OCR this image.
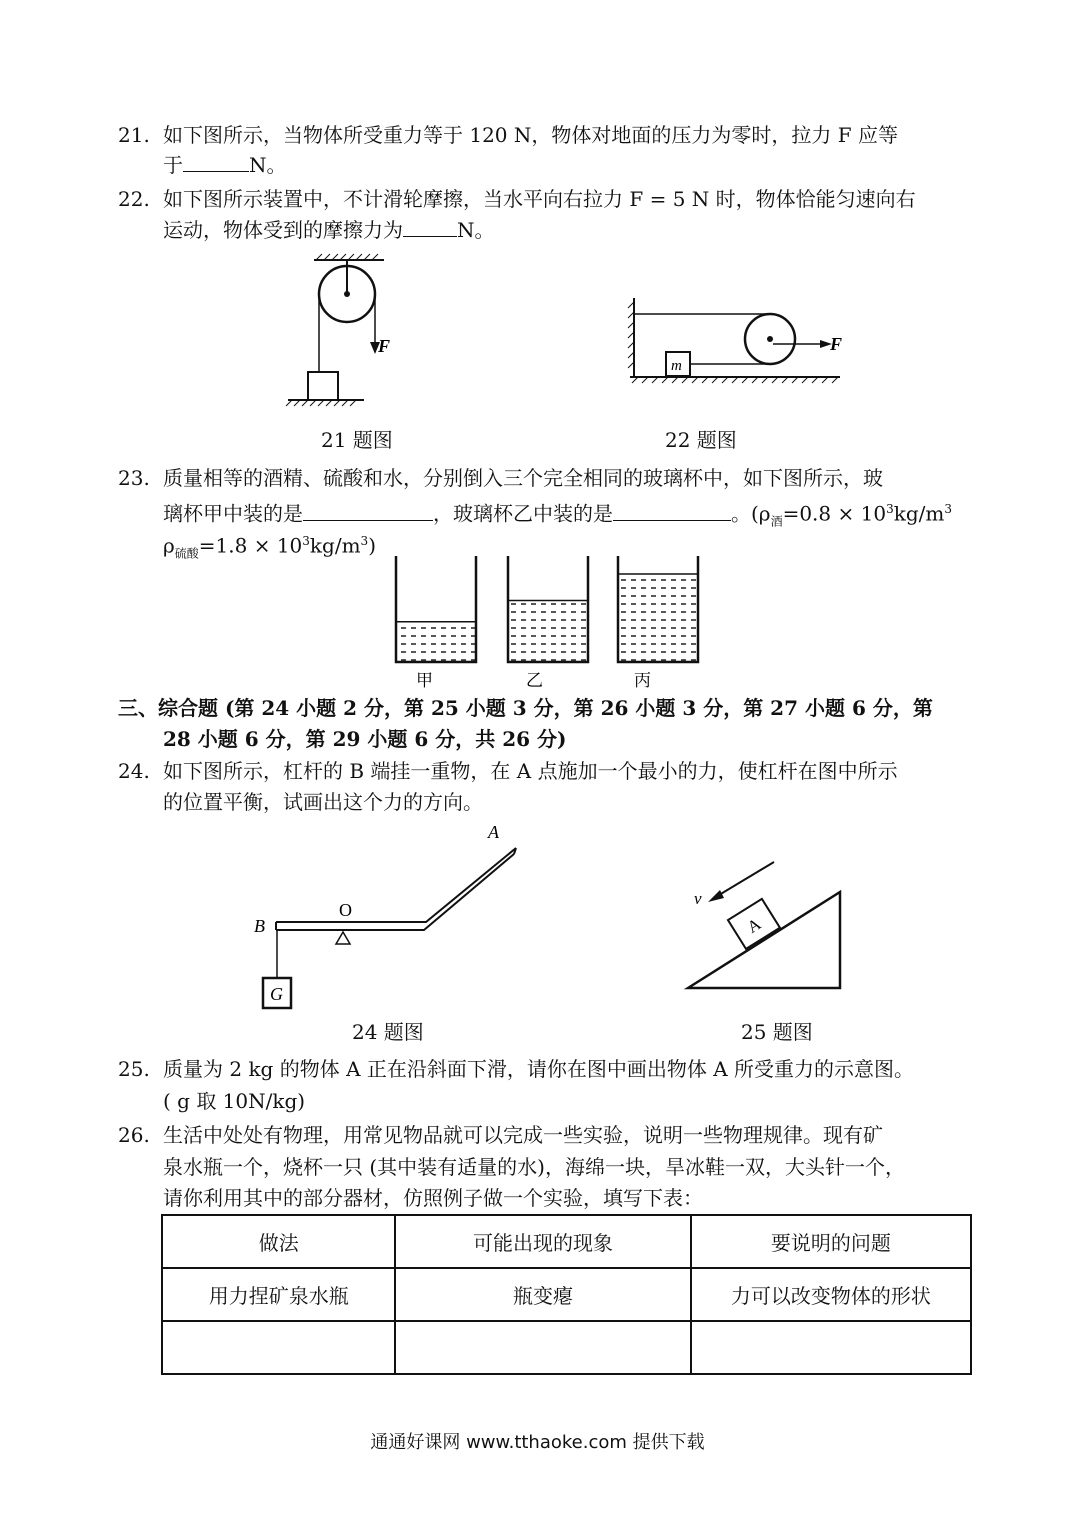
21. 如下图所示，当物体所受重力等于 120 N，物体对地面的压力为零时，拉力 F 应等
于	N。
22. 如下图所示装置中，不计滑轮摩擦，当水平向右拉力 F = 5 N 时，物体恰能匀速向右
运动，物体受到的摩擦力为	N。
F
21 题图
m
F
22 题图
23. 质量相等的酒精、硫酸和水，分别倒入三个完全相同的玻璃杯中，如下图所示，玻
璃杯甲中装的是	，玻璃杯乙中装的是	。($\rho_酒=0.8 \times 10^3kg/m^3$
$\rho_{硫酸}=1.8 \times 10^3kg/m^3$)
甲	乙	丙
三、综合题 (第 24 小题 2 分，第 25 小题 3 分，第 26 小题 3 分，第 27 小题 6 分，第
28 小题 6 分，第 29 小题 6 分，共 26 分)
24. 如下图所示，杠杆的 B 端挂一重物，在 A 点施加一个最小的力，使杠杆在图中所示
的位置平衡，试画出这个力的方向。
G
B
O
A
24 题图
A
v
25 题图
25. 质量为 2 kg 的物体 A 正在沿斜面下滑，请你在图中画出物体 A 所受重力的示意图。
( g 取 10N/kg)
26. 生活中处处有物理，用常见物品就可以完成一些实验，说明一些物理规律。现有矿
泉水瓶一个，烧杯一只 (其中装有适量的水)，海绵一块，旱冰鞋一双，大头针一个，
请你利用其中的部分器材，仿照例子做一个实验，填写下表：
做法	可能出现的现象	要说明的问题
用力捏矿泉水瓶	瓶变瘪	力可以改变物体的形状

通通好课网 www.tthaoke.com 提供下载
